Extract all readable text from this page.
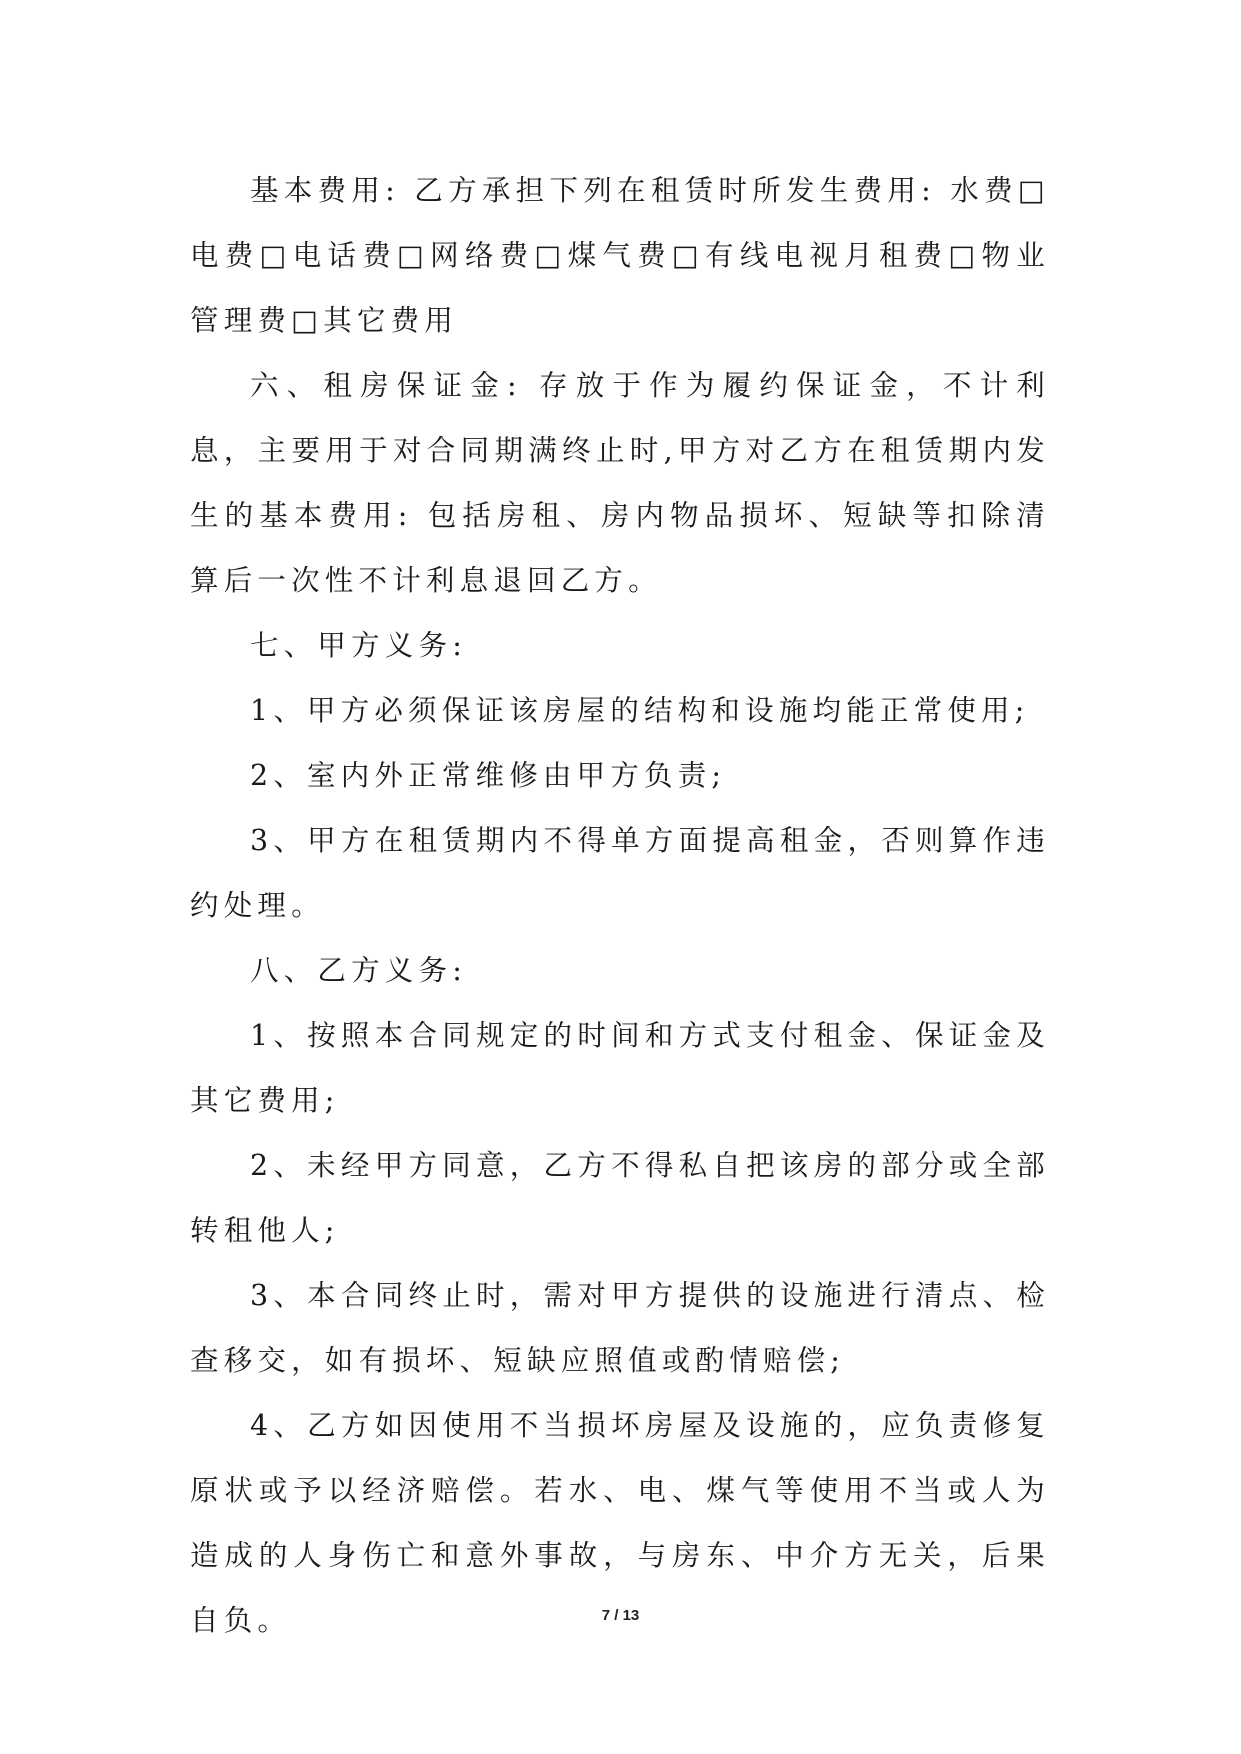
基本费用: 乙方承担下列在租赁时所发生费用: 水费□电费□电话费□网络费□煤气费□有线电视月租费□物业管理费□其它费用

六、租房保证金: 存放于作为履约保证金，不计利息，主要用于对合同期满终止时,甲方对乙方在租赁期内发生的基本费用: 包括房租、房内物品损坏、短缺等扣除清算后一次性不计利息退回乙方。

七、甲方义务:

1、甲方必须保证该房屋的结构和设施均能正常使用;

2、室内外正常维修由甲方负责;

3、甲方在租赁期内不得单方面提高租金，否则算作违约处理。

八、乙方义务:

1、按照本合同规定的时间和方式支付租金、保证金及其它费用;

2、未经甲方同意，乙方不得私自把该房的部分或全部转租他人;

3、本合同终止时，需对甲方提供的设施进行清点、检查移交，如有损坏、短缺应照值或酌情赔偿;

4、乙方如因使用不当损坏房屋及设施的，应负责修复原状或予以经济赔偿。若水、电、煤气等使用不当或人为造成的人身伤亡和意外事故，与房东、中介方无关，后果自负。	7 / 13
